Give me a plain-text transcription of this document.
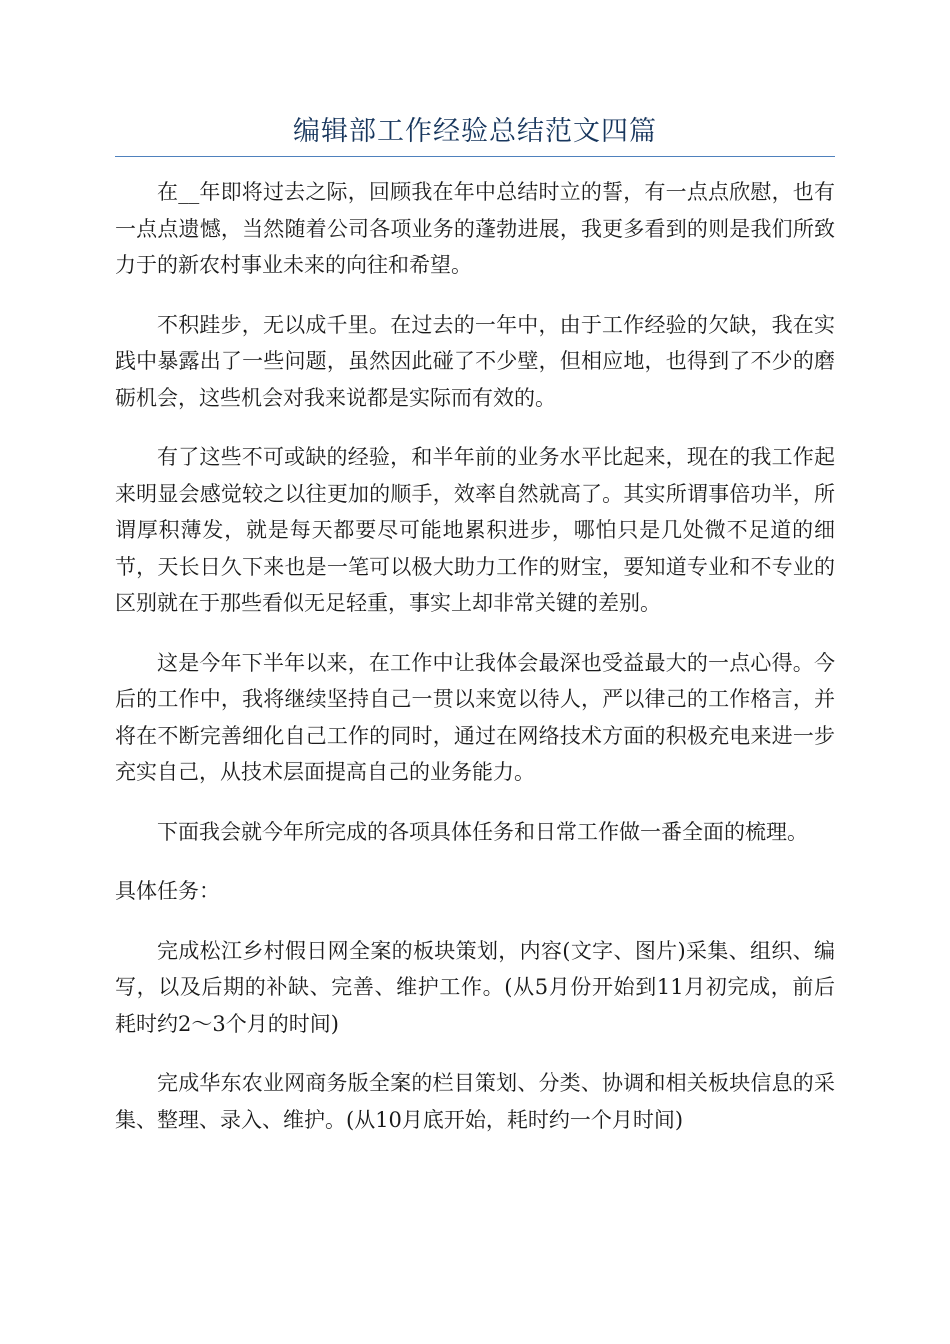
编辑部工作经验总结范文四篇

在__年即将过去之际，回顾我在年中总结时立的誓，有一点点欣慰，也有一点点遗憾，当然随着公司各项业务的蓬勃进展，我更多看到的则是我们所致力于的新农村事业未来的向往和希望。

不积跬步，无以成千里。在过去的一年中，由于工作经验的欠缺，我在实践中暴露出了一些问题，虽然因此碰了不少壁，但相应地，也得到了不少的磨砺机会，这些机会对我来说都是实际而有效的。

有了这些不可或缺的经验，和半年前的业务水平比起来，现在的我工作起来明显会感觉较之以往更加的顺手，效率自然就高了。其实所谓事倍功半，所谓厚积薄发，就是每天都要尽可能地累积进步，哪怕只是几处微不足道的细节，天长日久下来也是一笔可以极大助力工作的财宝，要知道专业和不专业的区别就在于那些看似无足轻重，事实上却非常关键的差别。

这是今年下半年以来，在工作中让我体会最深也受益最大的一点心得。今后的工作中，我将继续坚持自己一贯以来宽以待人，严以律己的工作格言，并将在不断完善细化自己工作的同时，通过在网络技术方面的积极充电来进一步充实自己，从技术层面提高自己的业务能力。

下面我会就今年所完成的各项具体任务和日常工作做一番全面的梳理。

具体任务：

完成松江乡村假日网全案的板块策划，内容(文字、图片)采集、组织、编写，以及后期的补缺、完善、维护工作。(从5月份开始到11月初完成，前后耗时约2～3个月的时间)

完成华东农业网商务版全案的栏目策划、分类、协调和相关板块信息的采集、整理、录入、维护。(从10月底开始，耗时约一个月时间)
